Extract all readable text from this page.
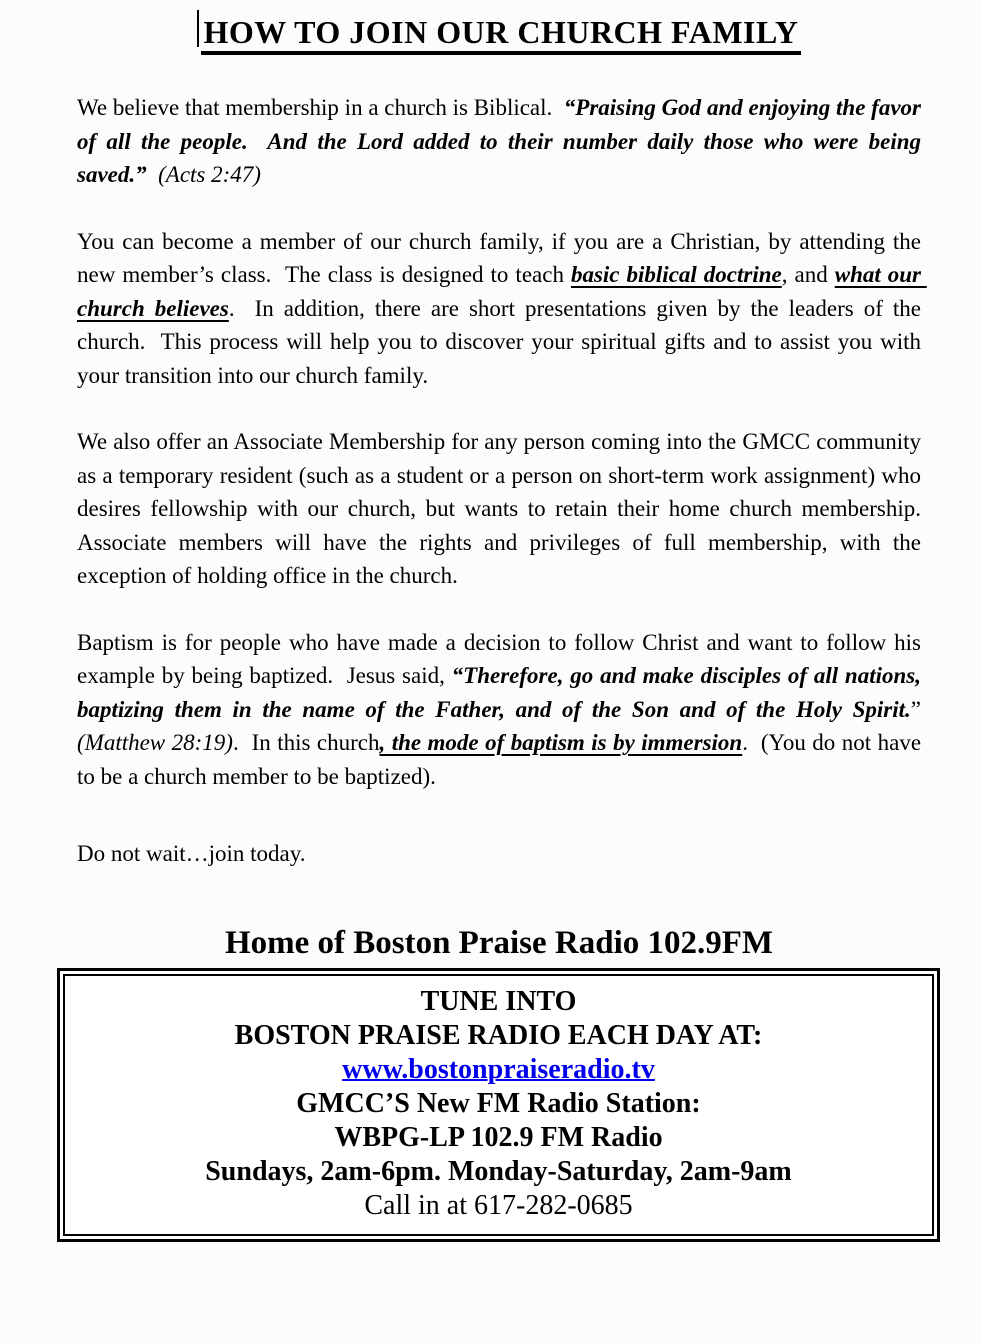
HOW TO JOIN OUR CHURCH FAMILY

We believe that membership in a church is Biblical.  “Praising God and enjoying the favor of all the people.  And the Lord added to their number daily those who were being saved.”  (Acts 2:47)

You can become a member of our church family, if you are a Christian, by attending the new member’s class.  The class is designed to teach basic biblical doctrine, and what our church believes.  In addition, there are short presentations given by the leaders of the church.  This process will help you to discover your spiritual gifts and to assist you with your transition into our church family.

We also offer an Associate Membership for any person coming into the GMCC community as a temporary resident (such as a student or a person on short-term work assignment) who desires fellowship with our church, but wants to retain their home church membership.  Associate members will have the rights and privileges of full membership, with the exception of holding office in the church.

Baptism is for people who have made a decision to follow Christ and want to follow his example by being baptized.  Jesus said, “Therefore, go and make disciples of all nations, baptizing them in the name of the Father, and of the Son and of the Holy Spirit.” (Matthew 28:19).  In this church, the mode of baptism is by immersion.  (You do not have to be a church member to be baptized).

Do not wait…join today.

Home of Boston Praise Radio 102.9FM
TUNE INTO
BOSTON PRAISE RADIO EACH DAY AT:
www.bostonpraiseradio.tv
GMCC’S New FM Radio Station:
WBPG-LP 102.9 FM Radio
Sundays, 2am-6pm. Monday-Saturday, 2am-9am
Call in at 617-282-0685
